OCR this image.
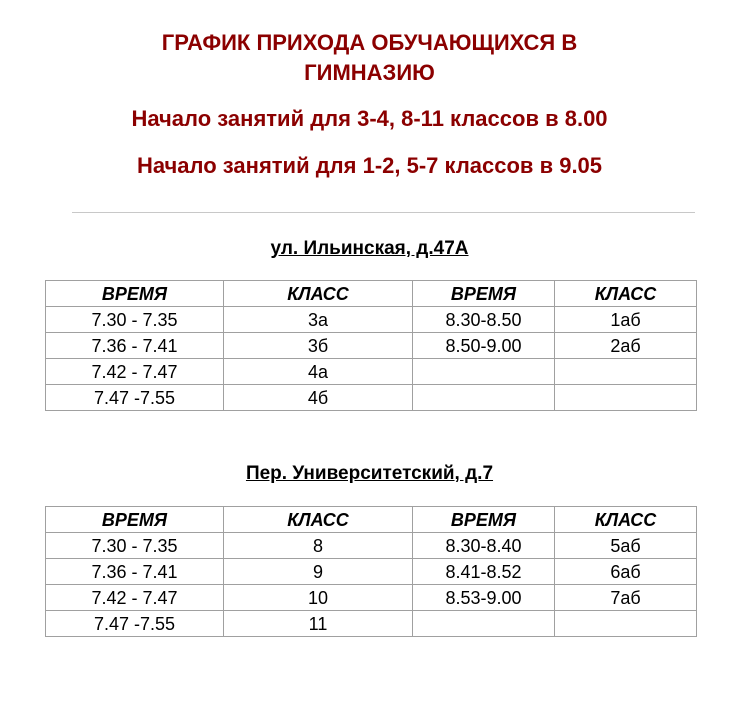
ГРАФИК ПРИХОДА ОБУЧАЮЩИХСЯ В
ГИМНАЗИЮ
Начало занятий для 3-4, 8-11 классов в 8.00
Начало занятий для 1-2, 5-7 классов в 9.05
ул. Ильинская, д.47А
ВРЕМЯ	КЛАСС	ВРЕМЯ	КЛАСС
7.30 - 7.35	3а	8.30-8.50	1аб
7.36 - 7.41	3б	8.50-9.00	2аб
7.42 - 7.47	4а		
7.47 -7.55	4б		
Пер. Университетский, д.7
ВРЕМЯ	КЛАСС	ВРЕМЯ	КЛАСС
7.30 - 7.35	8	8.30-8.40	5аб
7.36 - 7.41	9	8.41-8.52	6аб
7.42 - 7.47	10	8.53-9.00	7аб
7.47 -7.55	11		
